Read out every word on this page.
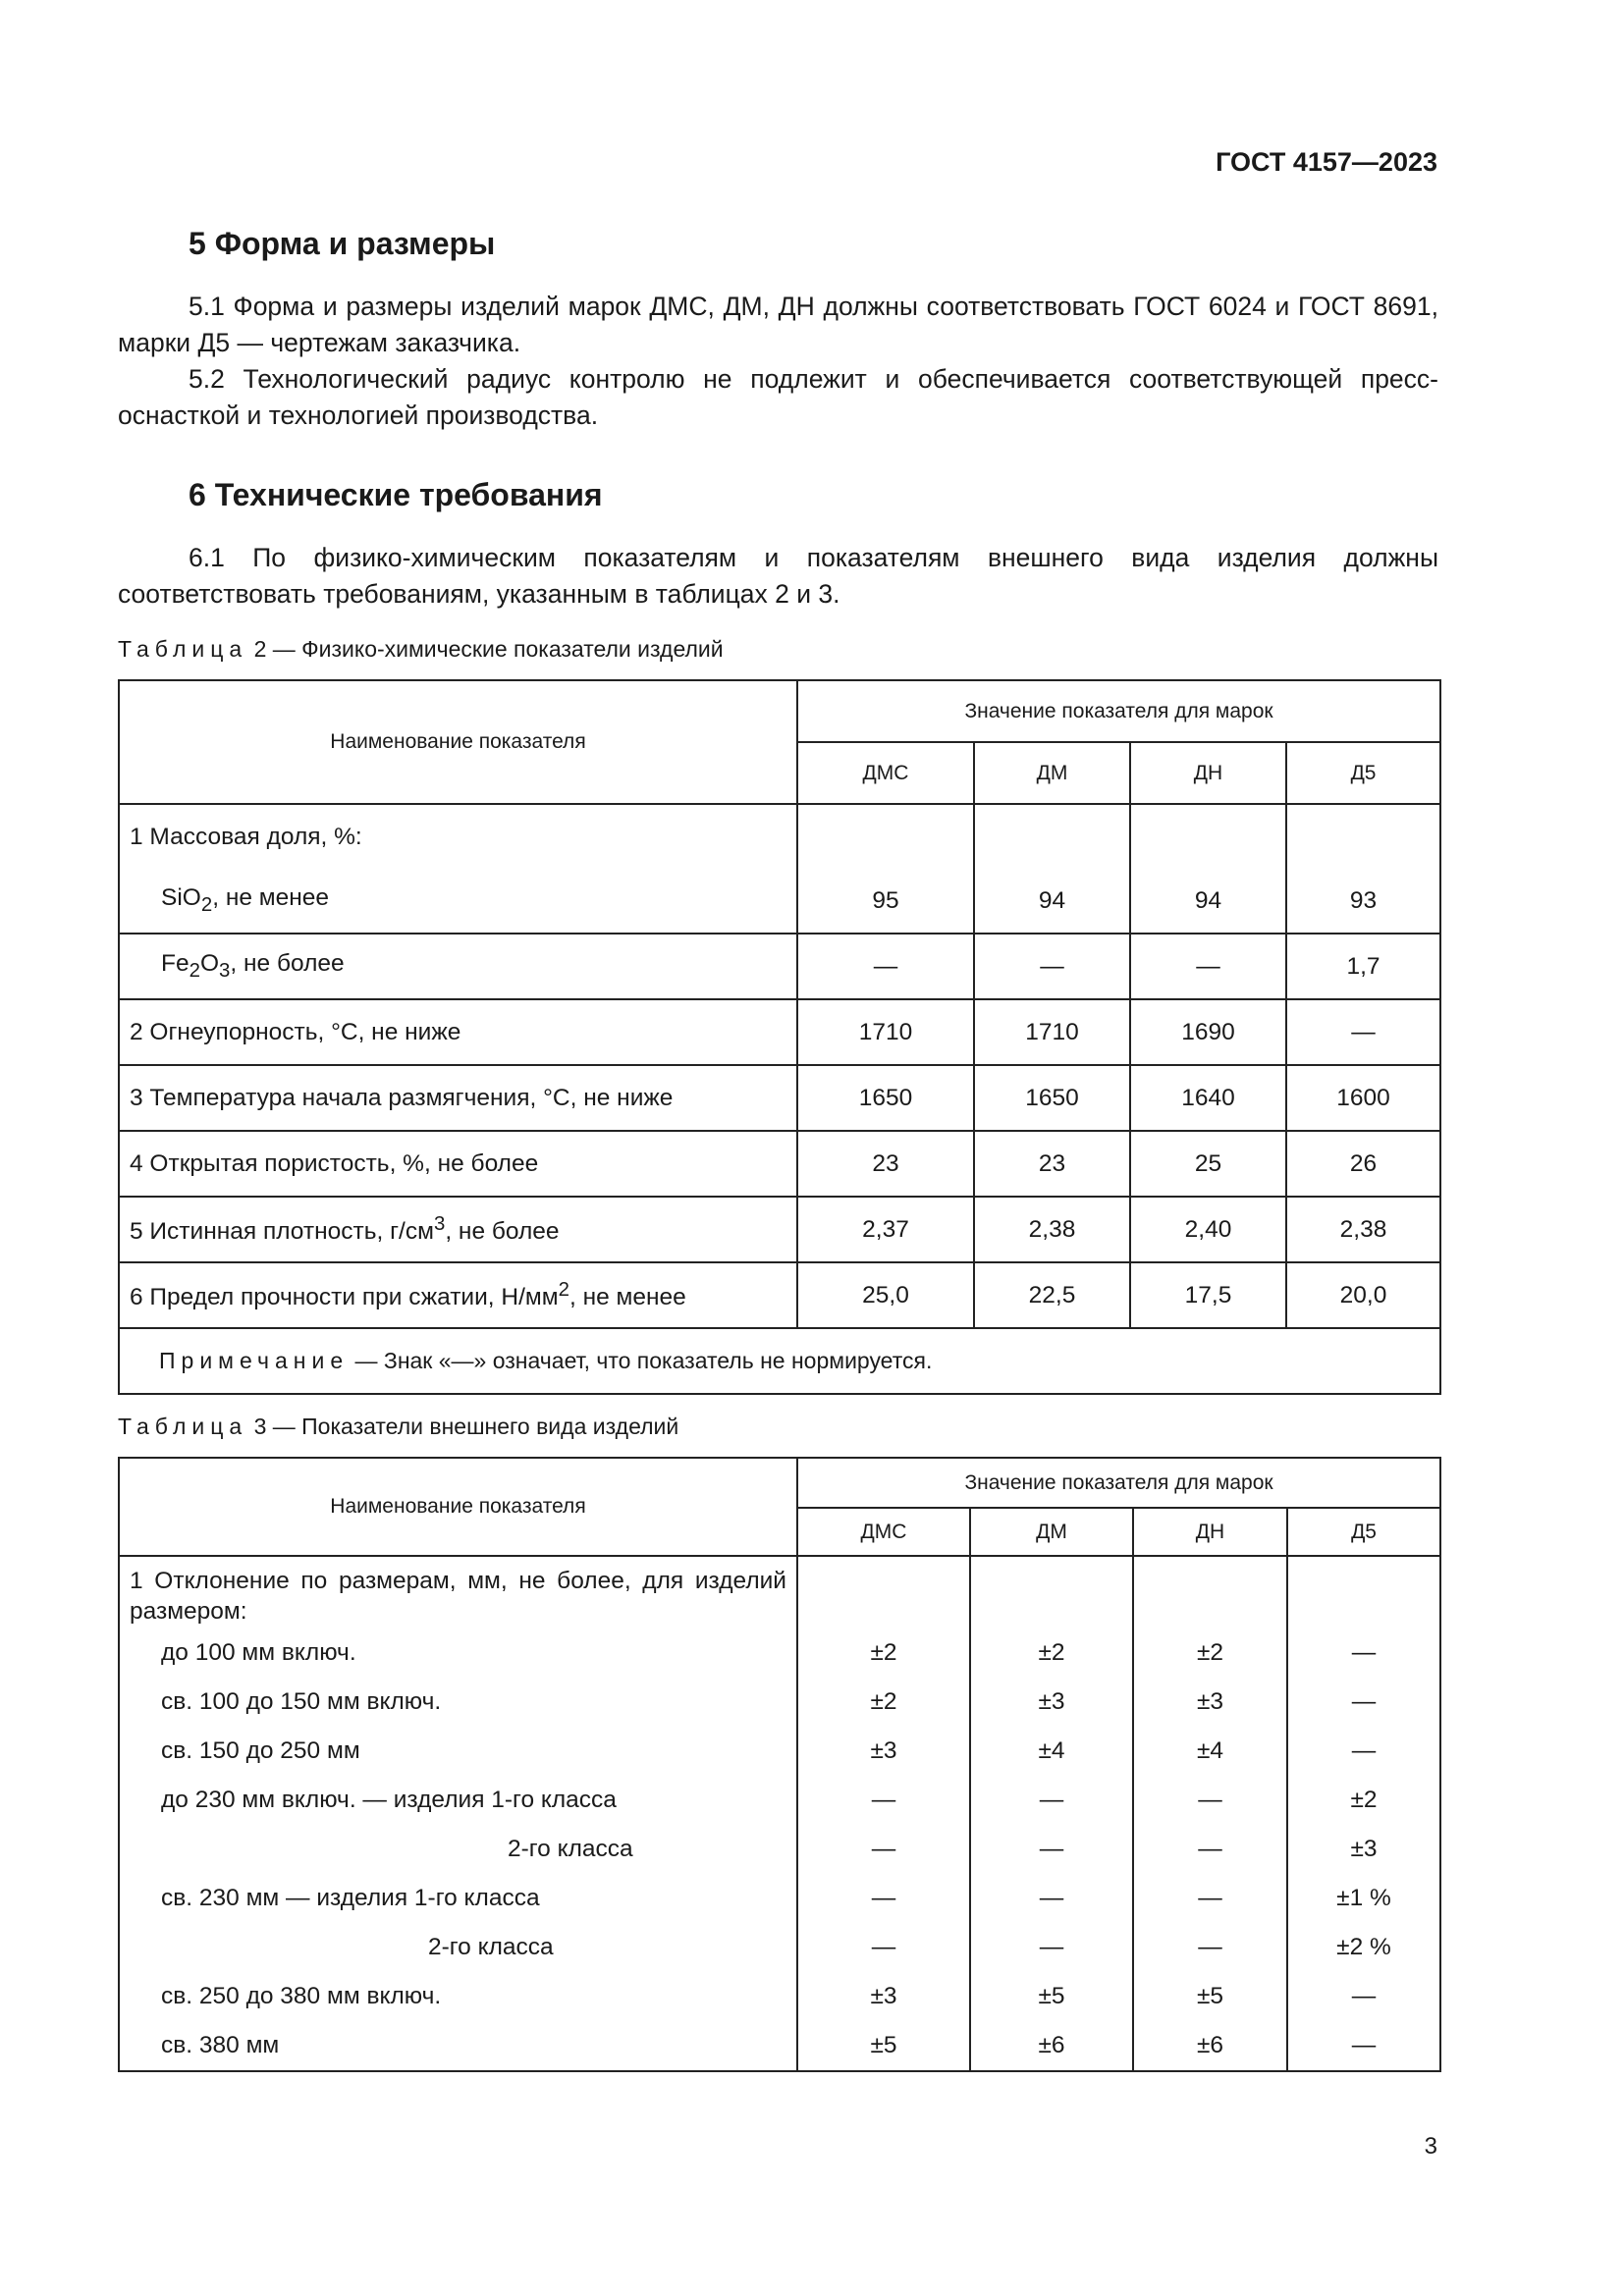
ГОСТ 4157—2023
5 Форма и размеры

5.1 Форма и размеры изделий марок ДМС, ДМ, ДН должны соответствовать ГОСТ 6024 и ГОСТ 8691, марки Д5 — чертежам заказчика.

5.2 Технологический радиус контролю не подлежит и обеспечивается соответствующей пресс-оснасткой и технологией производства.

6 Технические требования

6.1 По физико-химическим показателям и показателям внешнего вида изделия должны соответствовать требованиям, указанным в таблицах 2 и 3.

Таблица 2 — Физико-химические показатели изделий
Наименование показателя	Значение показателя для марок			
	ДМС	ДМ	ДН	Д5
1 Массовая доля, %:				
SiO$_2$, не менее	95	94	94	93
$Fe_2O_3$, не более	—	—	—	1,7
2 Огнеупорность, °С, не ниже	1710	1710	1690	—
3 Температура начала размягчения, °С, не ниже	1650	1650	1640	1600
4 Открытая пористость, %, не более	23	23	25	26
5 Истинная плотность, $г/см^3$, не более	2,37	2,38	2,40	2,38
6 Предел прочности при сжатии, $Н/мм^2$, не менее	25,0	22,5	17,5	20,0
Примечание — Знак «—» означает, что показатель не нормируется.				
Таблица 3 — Показатели внешнего вида изделий
Наименование показателя	Значение показателя для марок			
	ДМС	ДМ	ДН	Д5
1 Отклонение по размерам, мм, не более, для изделий размером:				
до 100 мм включ.	±2	±2	±2	—
св. 100 до 150 мм включ.	±2	±3	±3	—
св. 150 до 250 мм	±3	±4	±4	—
до 230 мм включ. — изделия 1-го класса	—	—	—	±2
2-го класса	—	—	—	±3
св. 230 мм — изделия 1-го класса	—	—	—	±1 %
2-го класса	—	—	—	±2 %
св. 250 до 380 мм включ.	±3	±5	±5	—
св. 380 мм	±5	±6	±6	—
3
